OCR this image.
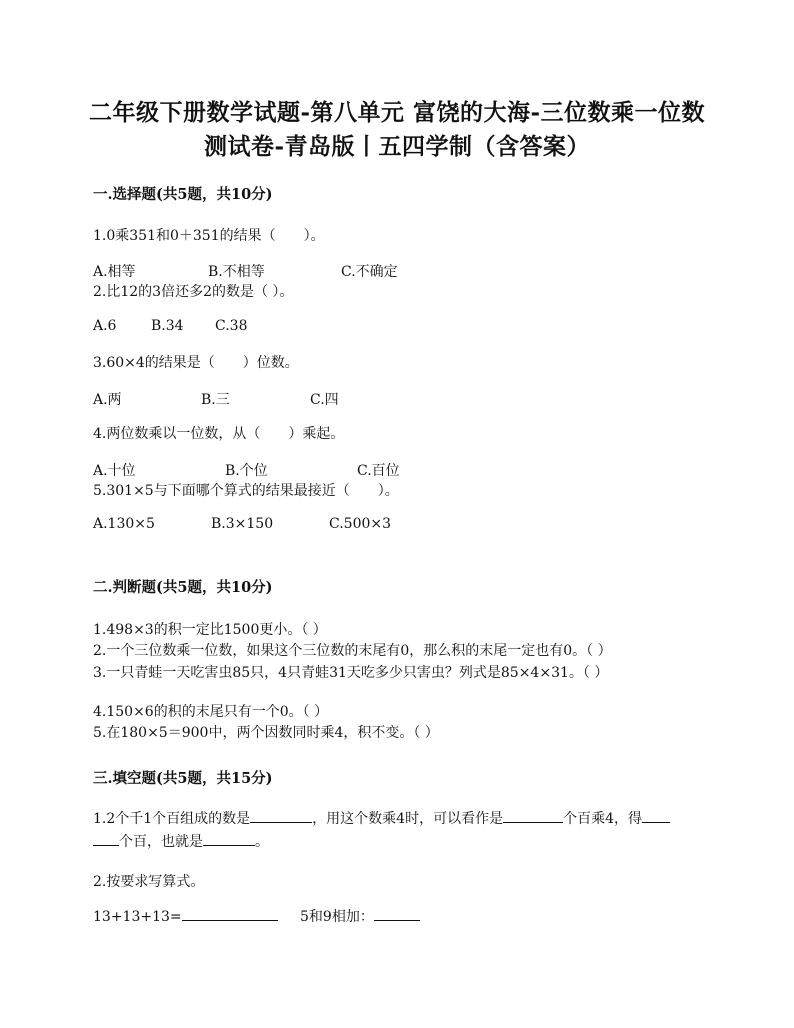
二年级下册数学试题-第八单元 富饶的大海-三位数乘一位数
测试卷-青岛版丨五四学制（含答案）
一.选择题(共5题，共10分)
1.0乘351和0＋351的结果（　　）。
A.相等	B.不相等	C.不确定
2.比12的3倍还多2的数是（ ）。
A.6 B.34 C.38
3.60×4的结果是（　　）位数。
A.两	B.三	C.四
4.两位数乘以一位数，从（　　）乘起。
A.十位	B.个位	C.百位
5.301×5与下面哪个算式的结果最接近（　　）。
A.130×5	B.3×150	C.500×3
二.判断题(共5题，共10分)
1.498×3的积一定比1500更小。（ ）
2.一个三位数乘一位数，如果这个三位数的末尾有0，那么积的末尾一定也有0。（ ）
3.一只青蛙一天吃害虫85只，4只青蛙31天吃多少只害虫？列式是85×4×31。（ ）
4.150×6的积的末尾只有一个0。（ ）
5.在180×5＝900中，两个因数同时乘4，积不变。（ ）
三.填空题(共5题，共15分)
1.2个千1个百组成的数是	，用这个数乘4时，可以看作是	个百乘4，得
个百，也就是	。
2.按要求写算式。
13+13+13=	5和9相加：
